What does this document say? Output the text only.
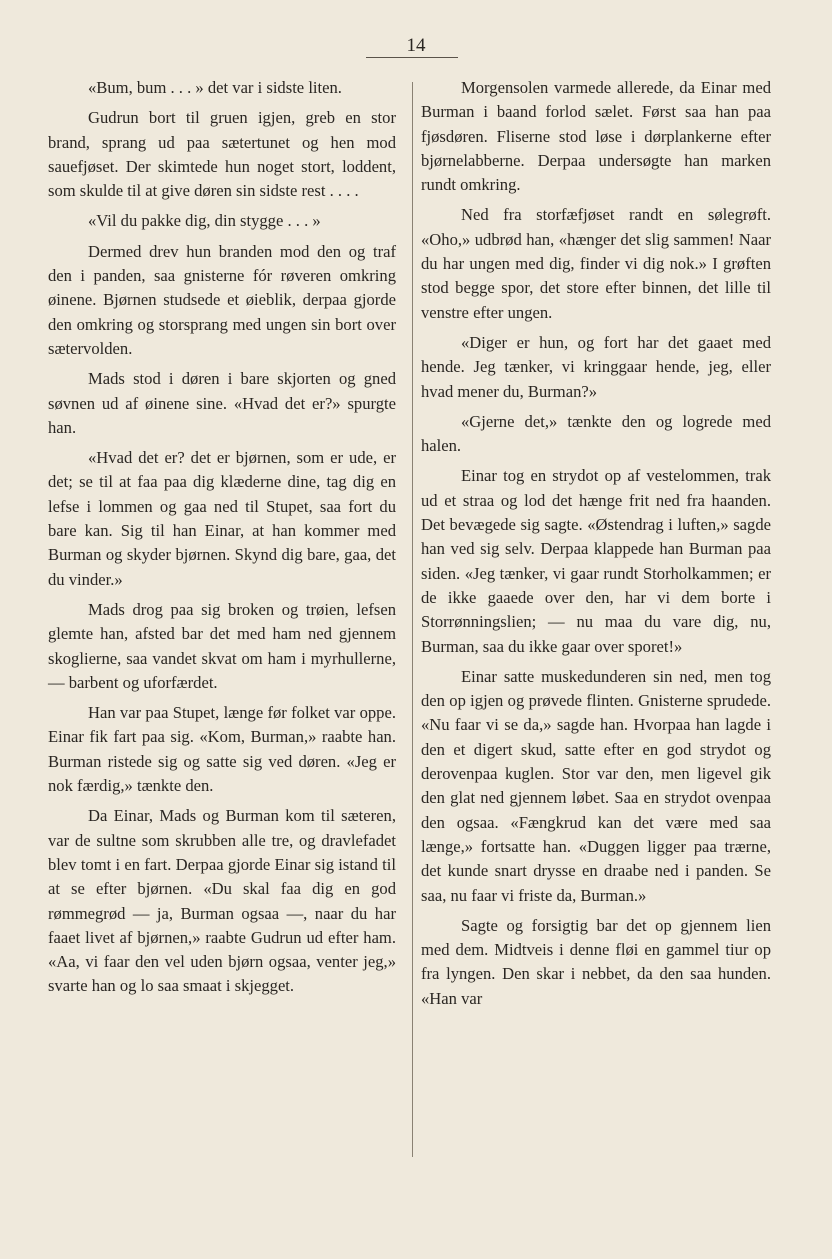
14

«Bum, bum . . . » det var i sidste liten.

Gudrun bort til gruen igjen, greb en stor brand, sprang ud paa sætertunet og hen mod sauefjøset. Der skimtede hun noget stort, loddent, som skulde til at give døren sin sidste rest . . . .

«Vil du pakke dig, din stygge . . . »

Dermed drev hun branden mod den og traf den i panden, saa gnisterne fór røveren omkring øinene. Bjørnen studsede et øieblik, derpaa gjorde den omkring og storsprang med ungen sin bort over sætervolden.

Mads stod i døren i bare skjorten og gned søvnen ud af øinene sine. «Hvad det er?» spurgte han.

«Hvad det er? det er bjørnen, som er ude, er det; se til at faa paa dig klæderne dine, tag dig en lefse i lommen og gaa ned til Stupet, saa fort du bare kan. Sig til han Einar, at han kommer med Burman og skyder bjørnen. Skynd dig bare, gaa, det du vinder.»

Mads drog paa sig broken og trøien, lefsen glemte han, afsted bar det med ham ned gjennem skoglierne, saa vandet skvat om ham i myrhullerne, — barbent og uforfærdet.

Han var paa Stupet, længe før folket var oppe. Einar fik fart paa sig. «Kom, Burman,» raabte han. Burman ristede sig og satte sig ved døren. «Jeg er nok færdig,» tænkte den.

Da Einar, Mads og Burman kom til sæteren, var de sultne som skrubben alle tre, og dravlefadet blev tomt i en fart. Derpaa gjorde Einar sig istand til at se efter bjørnen. «Du skal faa dig en god rømmegrød — ja, Burman ogsaa —, naar du har faaet livet af bjørnen,» raabte Gudrun ud efter ham. «Aa, vi faar den vel uden bjørn ogsaa, venter jeg,» svarte han og lo saa smaat i skjegget.

Morgensolen varmede allerede, da Einar med Burman i baand forlod sælet. Først saa han paa fjøsdøren. Fliserne stod løse i dørplankerne efter bjørnelabberne. Derpaa undersøgte han marken rundt omkring.

Ned fra storfæfjøset randt en sølegrøft. «Oho,» udbrød han, «hænger det slig sammen! Naar du har ungen med dig, finder vi dig nok.» I grøften stod begge spor, det store efter binnen, det lille til venstre efter ungen.

«Diger er hun, og fort har det gaaet med hende. Jeg tænker, vi kringgaar hende, jeg, eller hvad mener du, Burman?»

«Gjerne det,» tænkte den og logrede med halen.

Einar tog en strydot op af vestelommen, trak ud et straa og lod det hænge frit ned fra haanden. Det bevægede sig sagte. «Østendrag i luften,» sagde han ved sig selv. Derpaa klappede han Burman paa siden. «Jeg tænker, vi gaar rundt Storholkammen; er de ikke gaaede over den, har vi dem borte i Storrønningslien; — nu maa du vare dig, nu, Burman, saa du ikke gaar over sporet!»

Einar satte muskedunderen sin ned, men tog den op igjen og prøvede flinten. Gnisterne sprudede. «Nu faar vi se da,» sagde han. Hvorpaa han lagde i den et digert skud, satte efter en god strydot og derovenpaa kuglen. Stor var den, men ligevel gik den glat ned gjennem løbet. Saa en strydot ovenpaa den ogsaa. «Fængkrud kan det være med saa længe,» fortsatte han. «Duggen ligger paa trærne, det kunde snart drysse en draabe ned i panden. Se saa, nu faar vi friste da, Burman.»

Sagte og forsigtig bar det op gjennem lien med dem. Midtveis i denne fløi en gammel tiur op fra lyngen. Den skar i nebbet, da den saa hunden. «Han var
